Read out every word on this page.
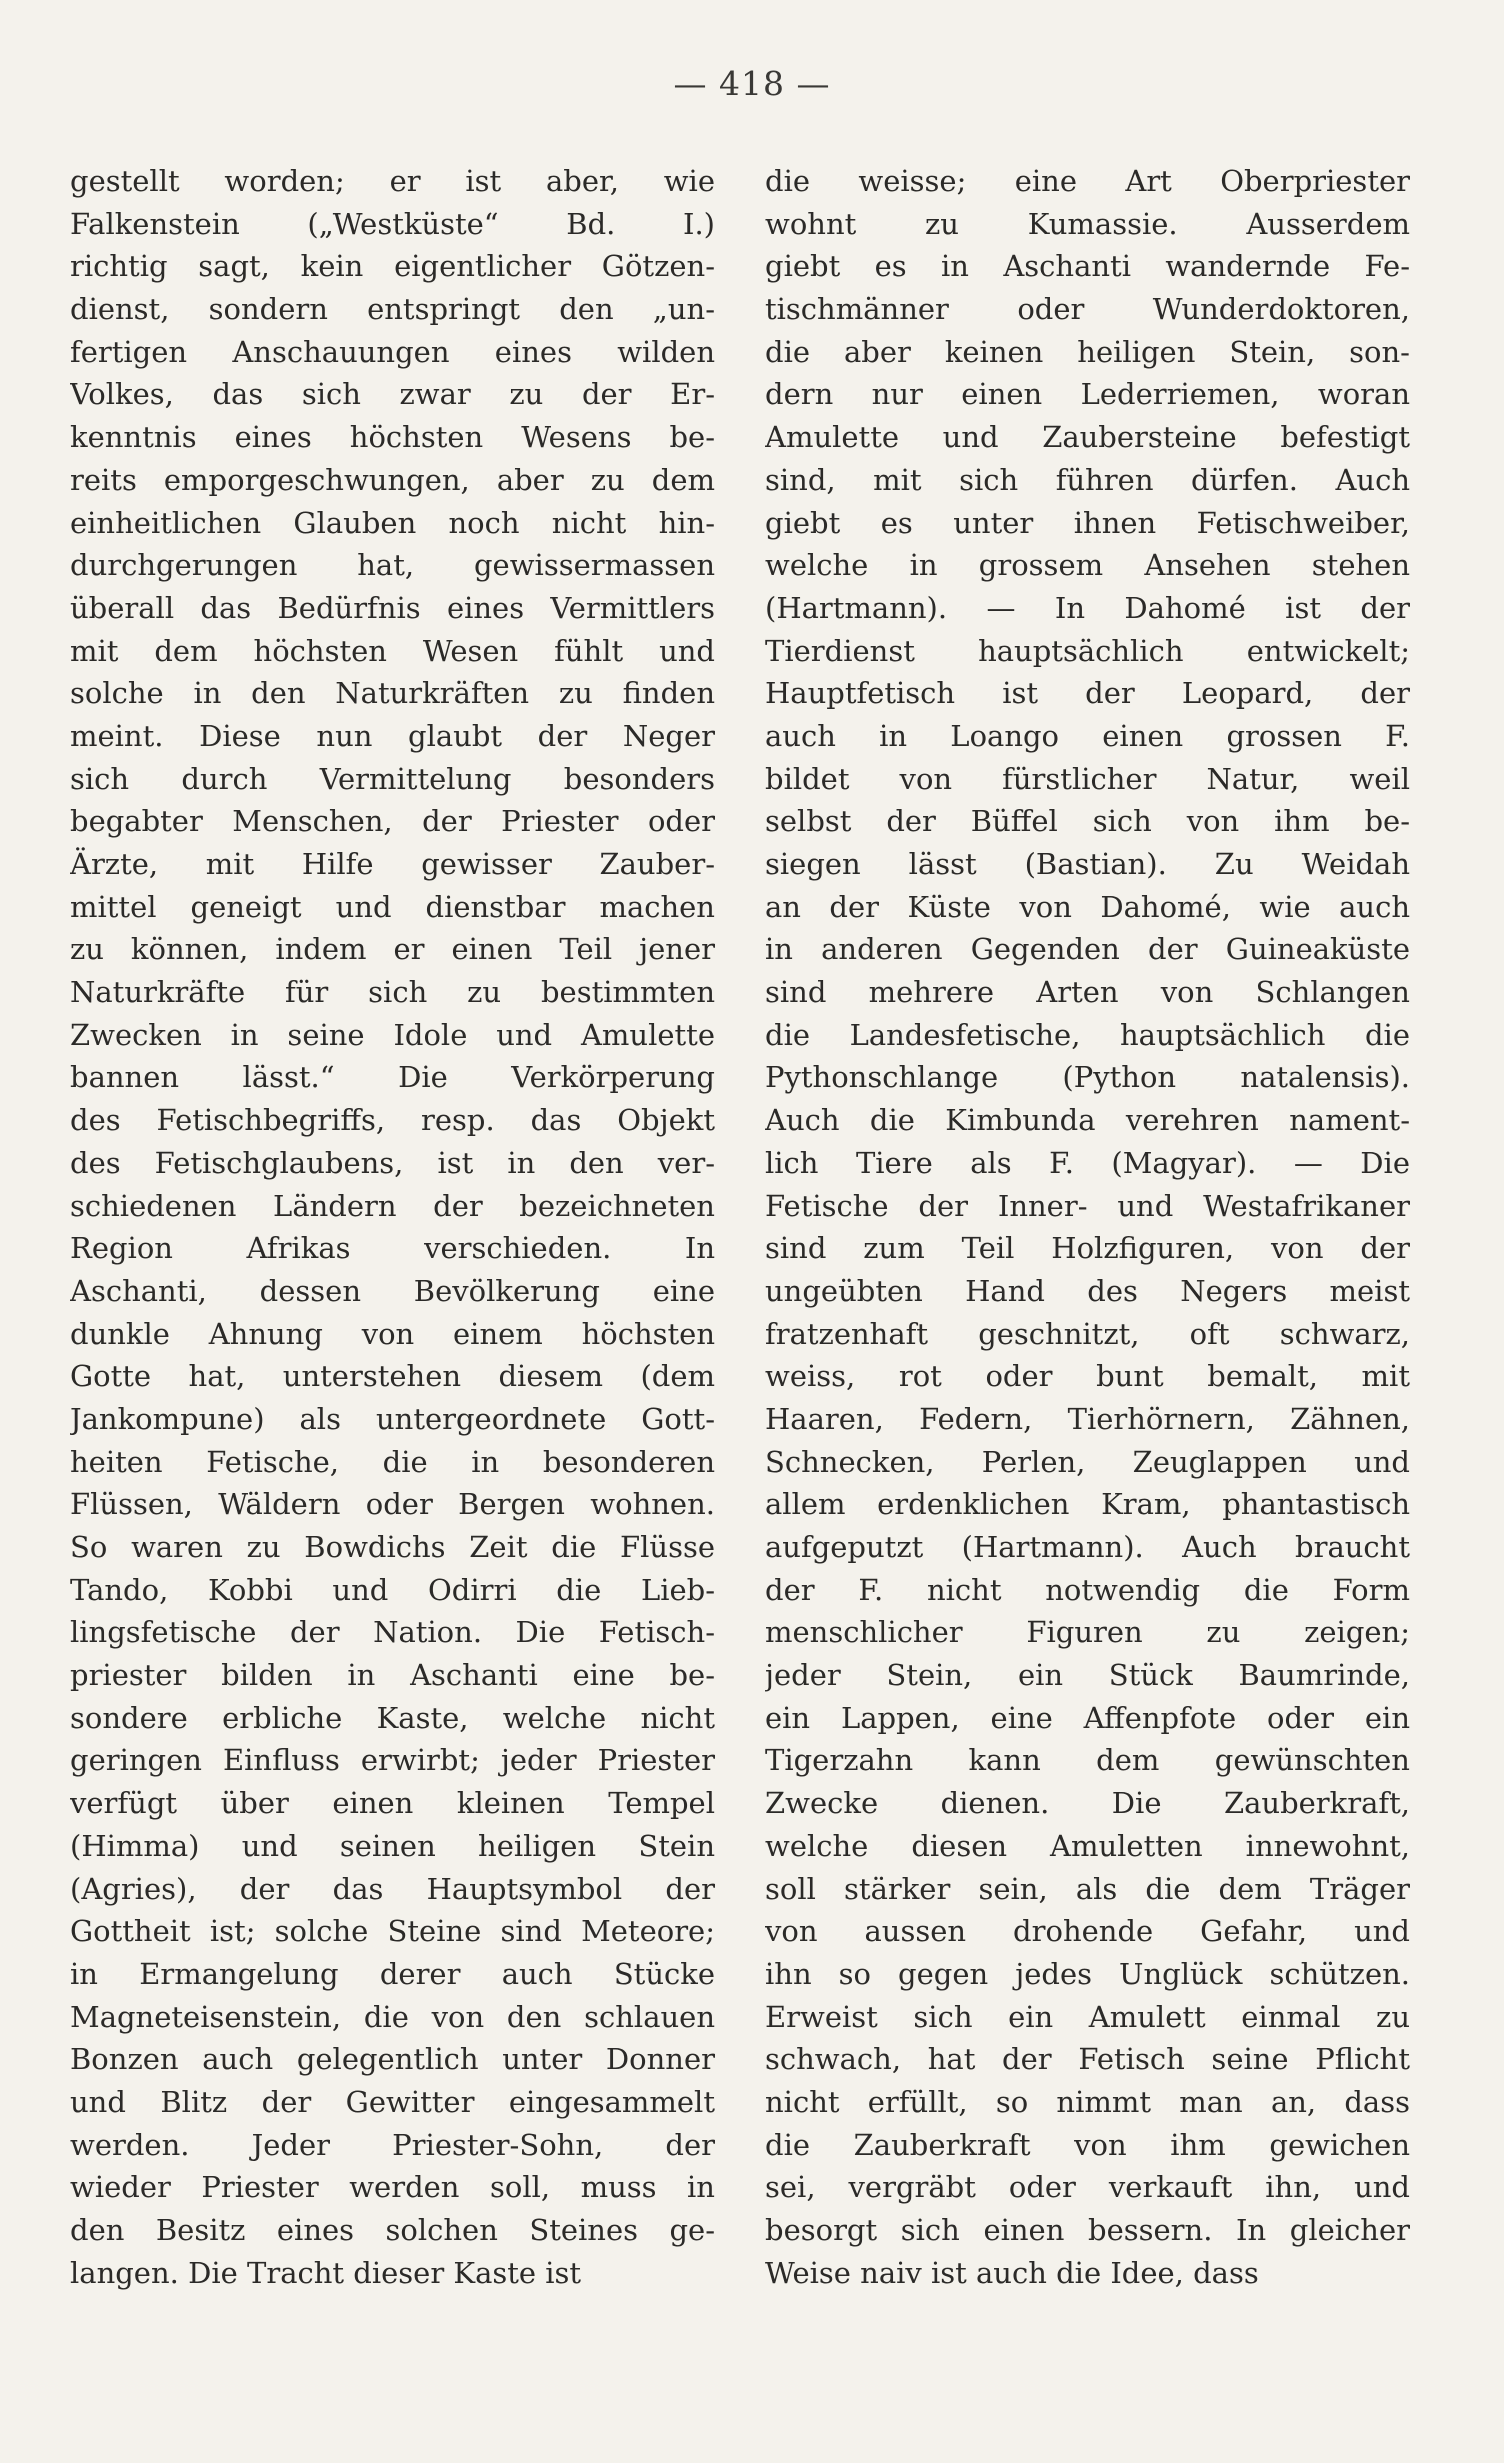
— 418 —
gestellt worden; er ist aber, wie
Falkenstein („Westküste“ Bd. I.)
richtig sagt, kein eigentlicher Götzen-
dienst, sondern entspringt den „un-
fertigen Anschauungen eines wilden
Volkes, das sich zwar zu der Er-
kenntnis eines höchsten Wesens be-
reits emporgeschwungen, aber zu dem
einheitlichen Glauben noch nicht hin-
durchgerungen hat, gewissermassen
überall das Bedürfnis eines Vermittlers
mit dem höchsten Wesen fühlt und
solche in den Naturkräften zu finden
meint. Diese nun glaubt der Neger
sich durch Vermittelung besonders
begabter Menschen, der Priester oder
Ärzte, mit Hilfe gewisser Zauber-
mittel geneigt und dienstbar machen
zu können, indem er einen Teil jener
Naturkräfte für sich zu bestimmten
Zwecken in seine Idole und Amulette
bannen lässt.“ Die Verkörperung
des Fetischbegriffs, resp. das Objekt
des Fetischglaubens, ist in den ver-
schiedenen Ländern der bezeichneten
Region Afrikas verschieden. In
Aschanti, dessen Bevölkerung eine
dunkle Ahnung von einem höchsten
Gotte hat, unterstehen diesem (dem
Jankompune) als untergeordnete Gott-
heiten Fetische, die in besonderen
Flüssen, Wäldern oder Bergen wohnen.
So waren zu Bowdichs Zeit die Flüsse
Tando, Kobbi und Odirri die Lieb-
lingsfetische der Nation. Die Fetisch-
priester bilden in Aschanti eine be-
sondere erbliche Kaste, welche nicht
geringen Einfluss erwirbt; jeder Priester
verfügt über einen kleinen Tempel
(Himma) und seinen heiligen Stein
(Agries), der das Hauptsymbol der
Gottheit ist; solche Steine sind Meteore;
in Ermangelung derer auch Stücke
Magneteisenstein, die von den schlauen
Bonzen auch gelegentlich unter Donner
und Blitz der Gewitter eingesammelt
werden. Jeder Priester-Sohn, der
wieder Priester werden soll, muss in
den Besitz eines solchen Steines ge-
langen. Die Tracht dieser Kaste ist
die weisse; eine Art Oberpriester
wohnt zu Kumassie. Ausserdem
giebt es in Aschanti wandernde Fe-
tischmänner oder Wunderdoktoren,
die aber keinen heiligen Stein, son-
dern nur einen Lederriemen, woran
Amulette und Zaubersteine befestigt
sind, mit sich führen dürfen. Auch
giebt es unter ihnen Fetischweiber,
welche in grossem Ansehen stehen
(Hartmann). — In Dahomé ist der
Tierdienst hauptsächlich entwickelt;
Hauptfetisch ist der Leopard, der
auch in Loango einen grossen F.
bildet von fürstlicher Natur, weil
selbst der Büffel sich von ihm be-
siegen lässt (Bastian). Zu Weidah
an der Küste von Dahomé, wie auch
in anderen Gegenden der Guineaküste
sind mehrere Arten von Schlangen
die Landesfetische, hauptsächlich die
Pythonschlange (Python natalensis).
Auch die Kimbunda verehren nament-
lich Tiere als F. (Magyar). — Die
Fetische der Inner- und Westafrikaner
sind zum Teil Holzfiguren, von der
ungeübten Hand des Negers meist
fratzenhaft geschnitzt, oft schwarz,
weiss, rot oder bunt bemalt, mit
Haaren, Federn, Tierhörnern, Zähnen,
Schnecken, Perlen, Zeuglappen und
allem erdenklichen Kram, phantastisch
aufgeputzt (Hartmann). Auch braucht
der F. nicht notwendig die Form
menschlicher Figuren zu zeigen;
jeder Stein, ein Stück Baumrinde,
ein Lappen, eine Affenpfote oder ein
Tigerzahn kann dem gewünschten
Zwecke dienen. Die Zauberkraft,
welche diesen Amuletten innewohnt,
soll stärker sein, als die dem Träger
von aussen drohende Gefahr, und
ihn so gegen jedes Unglück schützen.
Erweist sich ein Amulett einmal zu
schwach, hat der Fetisch seine Pflicht
nicht erfüllt, so nimmt man an, dass
die Zauberkraft von ihm gewichen
sei, vergräbt oder verkauft ihn, und
besorgt sich einen bessern. In gleicher
Weise naiv ist auch die Idee, dass
